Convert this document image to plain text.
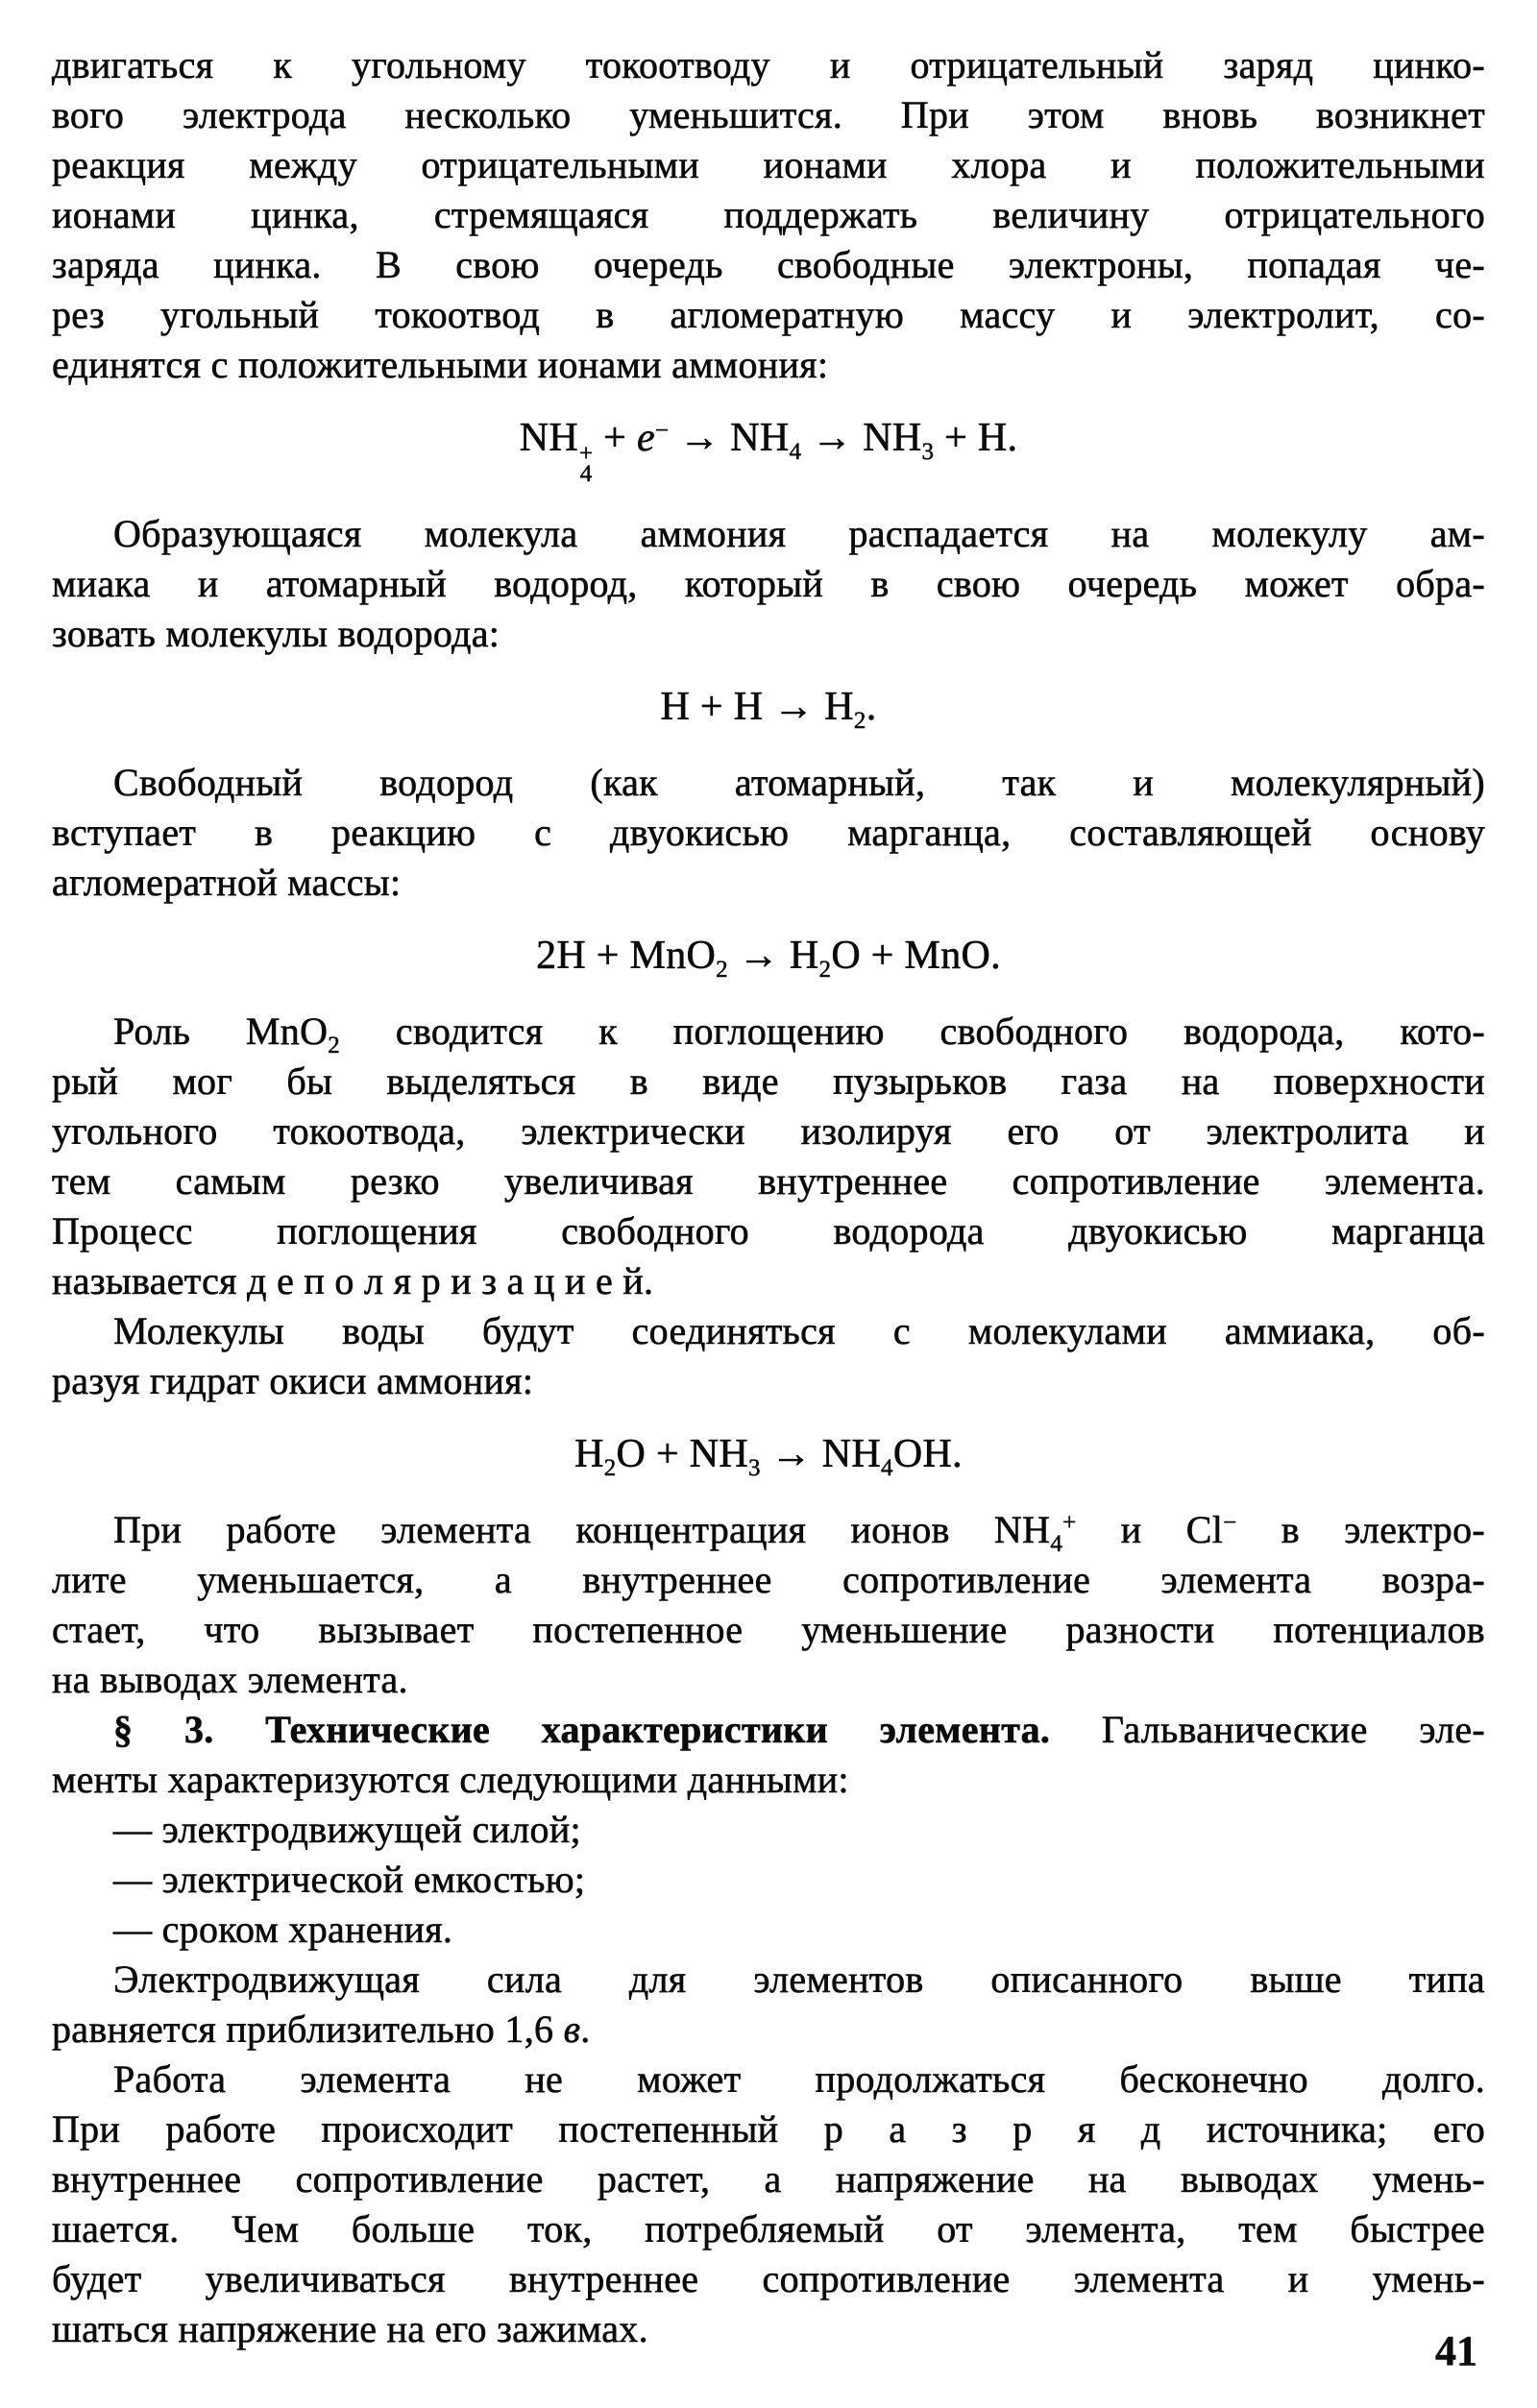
двигаться к угольному токоотводу и отрицательный заряд цинко-
вого электрода несколько уменьшится. При этом вновь возникнет
реакция между отрицательными ионами хлора и положительными
ионами цинка, стремящаяся поддержать величину отрицательного
заряда цинка. В свою очередь свободные электроны, попадая че-
рез угольный токоотвод в агломератную массу и электролит, со-
единятся с положительными ионами аммония:
NH +
4
+ $e^- \to NH_4 \to NH_3 + H$.
Образующаяся молекула аммония распадается на молекулу ам-
миака и атомарный водород, который в свою очередь может обра-
зовать молекулы водорода:
$H + H \to H_2$.
Свободный водород (как атомарный, так и молекулярный)
вступает в реакцию с двуокисью марганца, составляющей основу
агломератной массы:
$2H + MnO_2 \to H_2O$ + MnO.
Роль MnO$_2$ сводится к поглощению свободного водорода, кото-
рый мог бы выделяться в виде пузырьков газа на поверхности
угольного токоотвода, электрически изолируя его от электролита и
тем самым резко увеличивая внутреннее сопротивление элемента.
Процесс поглощения свободного водорода двуокисью марганца
называется д е п о л я р и з а ц и е й.
Молекулы воды будут соединяться с молекулами аммиака, об-
разуя гидрат окиси аммония:
$H_2O + NH_3 \to NH_4OH$.
При работе элемента концентрация ионов $NH_4^+$ и Cl− в электро-
лите уменьшается, а внутреннее сопротивление элемента возра-
стает, что вызывает постепенное уменьшение разности потенциалов
на выводах элемента.
§ 3. Технические характеристики элемента. Гальванические эле-
менты характеризуются следующими данными:
— электродвижущей силой;
— электрической емкостью;
— сроком хранения.
Электродвижущая сила для элементов описанного выше типа
равняется приблизительно 1,6 в.
Работа элемента не может продолжаться бесконечно долго.
При работе происходит постепенный р а з р я д источника; его
внутреннее сопротивление растет, а напряжение на выводах умень-
шается. Чем больше ток, потребляемый от элемента, тем быстрее
будет увеличиваться внутреннее сопротивление элемента и умень-
шаться напряжение на его зажимах.	41
